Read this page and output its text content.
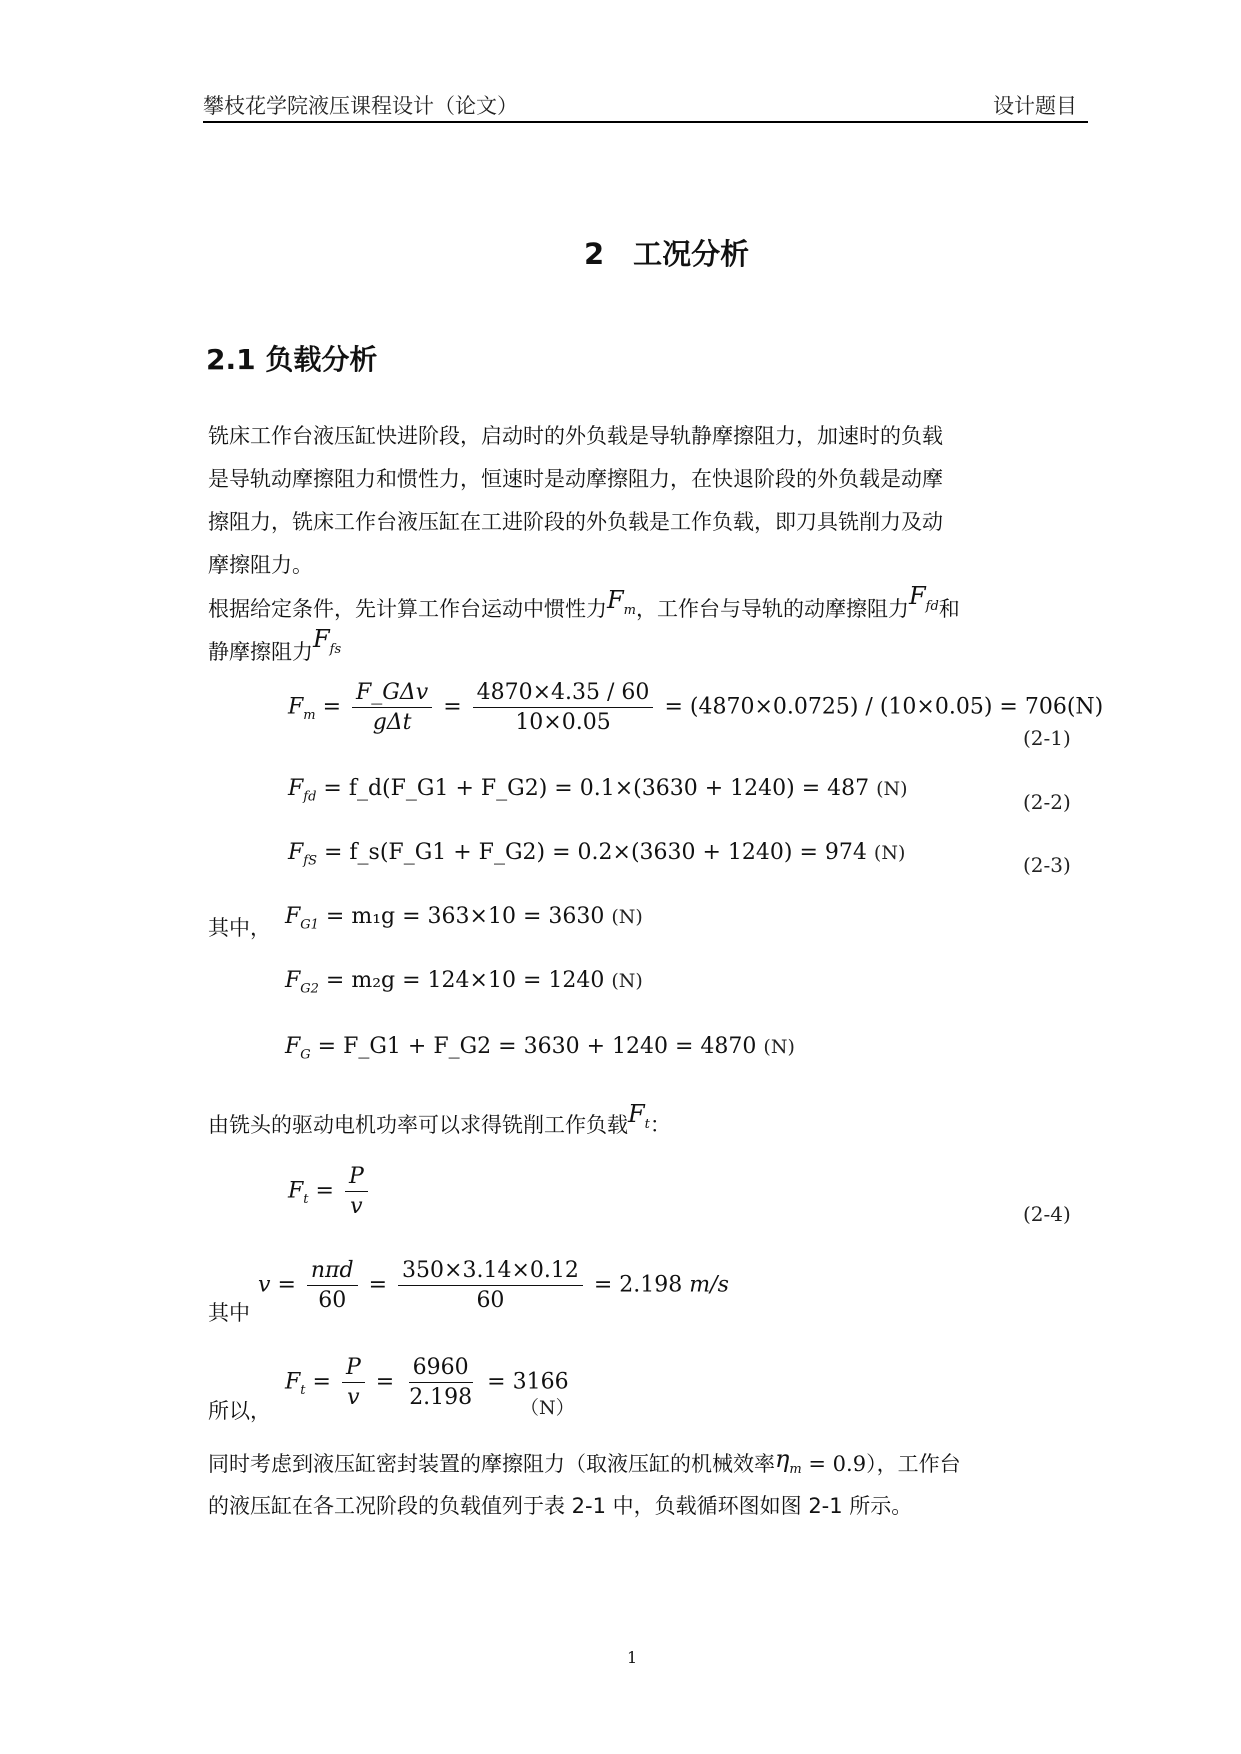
攀枝花学院液压课程设计（论文）	设计题目
2　工况分析
2.1 负载分析
铣床工作台液压缸快进阶段，启动时的外负载是导轨静摩擦阻力，加速时的负载
是导轨动摩擦阻力和惯性力，恒速时是动摩擦阻力，在快退阶段的外负载是动摩
擦阻力，铣床工作台液压缸在工进阶段的外负载是工作负载，即刀具铣削力及动
摩擦阻力。
根据给定条件，先计算工作台运动中惯性力$F_m$，工作台与导轨的动摩擦阻力$F_{fd}$和
静摩擦阻力$F_{fs}$
$F_m = \frac{\text{F\_GΔv}}{\text{gΔt}} = \frac{4870\times 4.35 / 60}{10\times 0.05} = (4870\times 0.0725) / (10\times 0.05) = 706(N)$
(2-1)
$F_{fd}$ = f_d(F_G1 + F_G2) = 0.1×(3630 + 1240) = 487 (N)
(2-2)
$F_{fS}$ = f_s(F_G1 + F_G2) = 0.2×(3630 + 1240) = 974 (N)	(2-3)
其中， $F_{G1} = m_1g = 363\times 10 = 3630$ (N)
$F_{G2} = m_2g = 124\times 10 = 1240$ (N)
$F_G$ = F_G1 + F_G2 = 3630 + 1240 = 4870 (N)
由铣头的驱动电机功率可以求得铣削工作负载$F_t$：
$F_t = \frac{P}{v}$	(2-4)
其中
$v = \frac{\text{nπd}}{60} = \frac{350\times 3.14\times 0.12}{60} = 2.198$ m/s
所以，
$F_t = \frac{P}{v} = \frac{6960}{2.198} = 3166$
（N）
同时考虑到液压缸密封装置的摩擦阻力（取液压缸的机械效率$\eta_m = 0.9$），工作台
的液压缸在各工况阶段的负载值列于表 2-1 中，负载循环图如图 2-1 所示。
1
